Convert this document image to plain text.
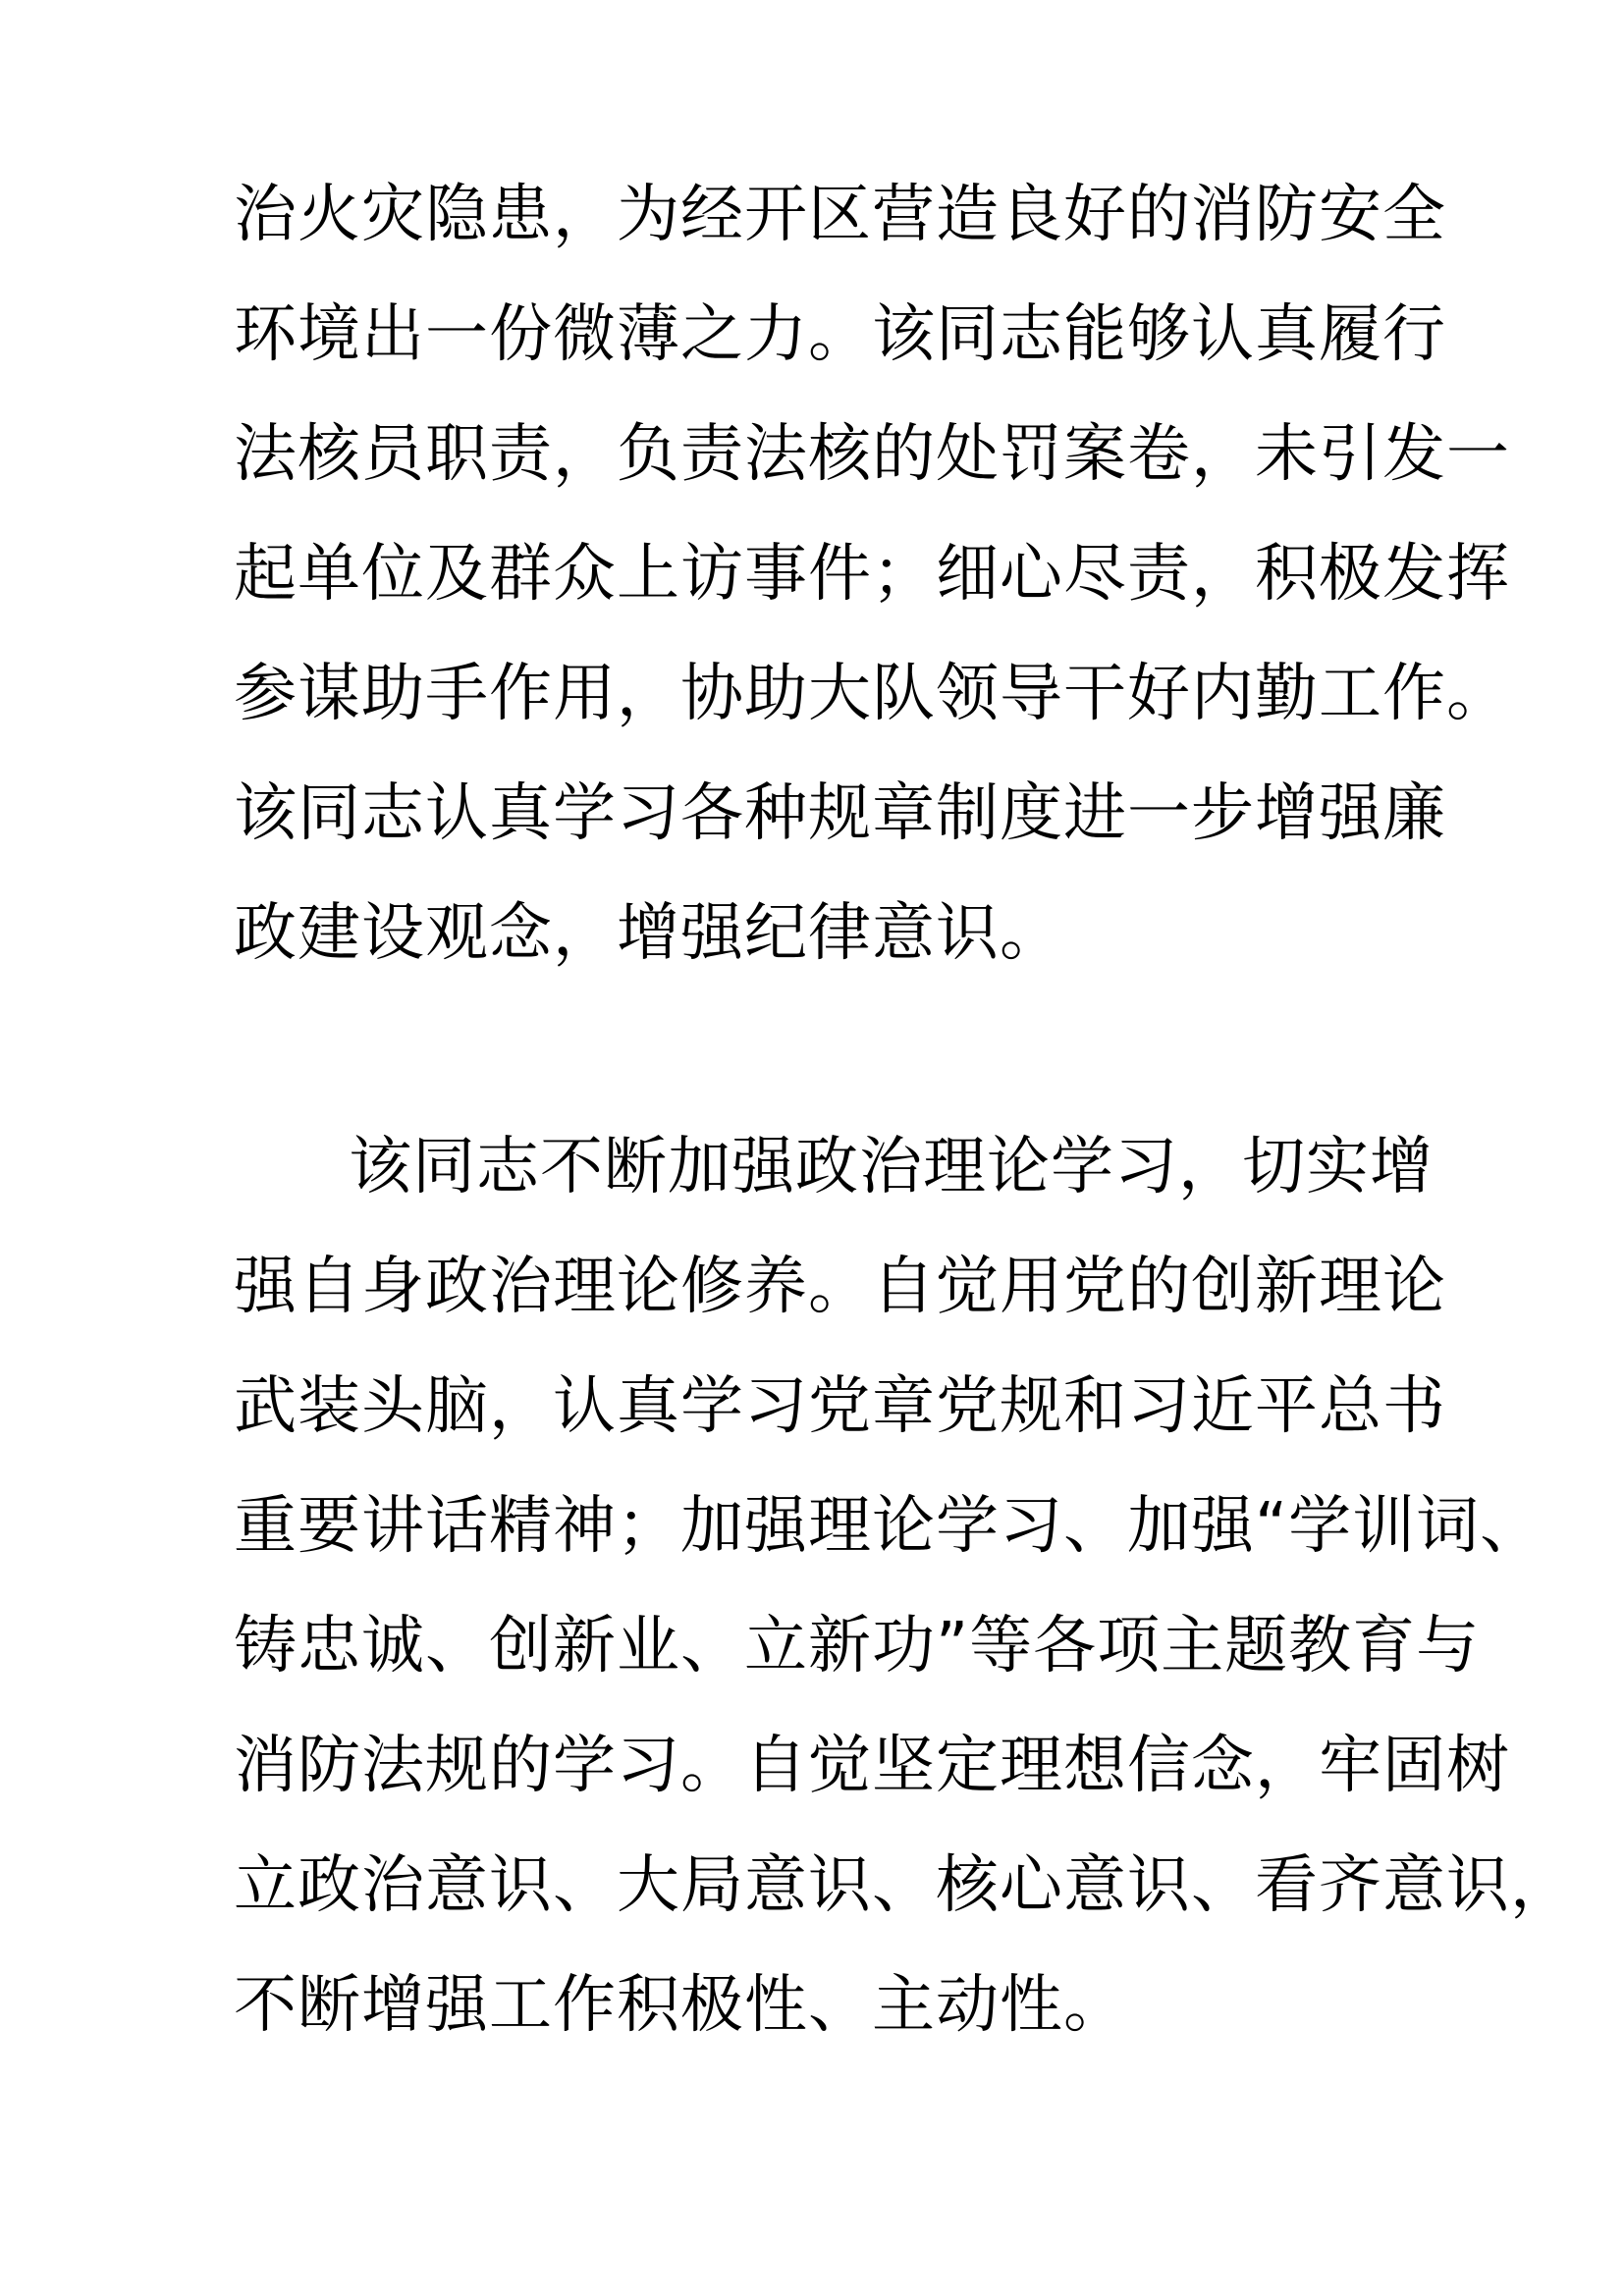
治火灾隐患，为经开区营造良好的消防安全
环境出一份微薄之力。该同志能够认真履行
法核员职责，负责法核的处罚案卷，未引发一
起单位及群众上访事件；细心尽责，积极发挥
参谋助手作用，协助大队领导干好内勤工作。
该同志认真学习各种规章制度进一步增强廉
政建设观念，增强纪律意识。
该同志不断加强政治理论学习，切实增
强自身政治理论修养。自觉用党的创新理论
武装头脑，认真学习党章党规和习近平总书
重要讲话精神；加强理论学习、加强“学训词、
铸忠诚、创新业、立新功”等各项主题教育与
消防法规的学习。自觉坚定理想信念，牢固树
立政治意识、大局意识、核心意识、看齐意识，
不断增强工作积极性、主动性。
